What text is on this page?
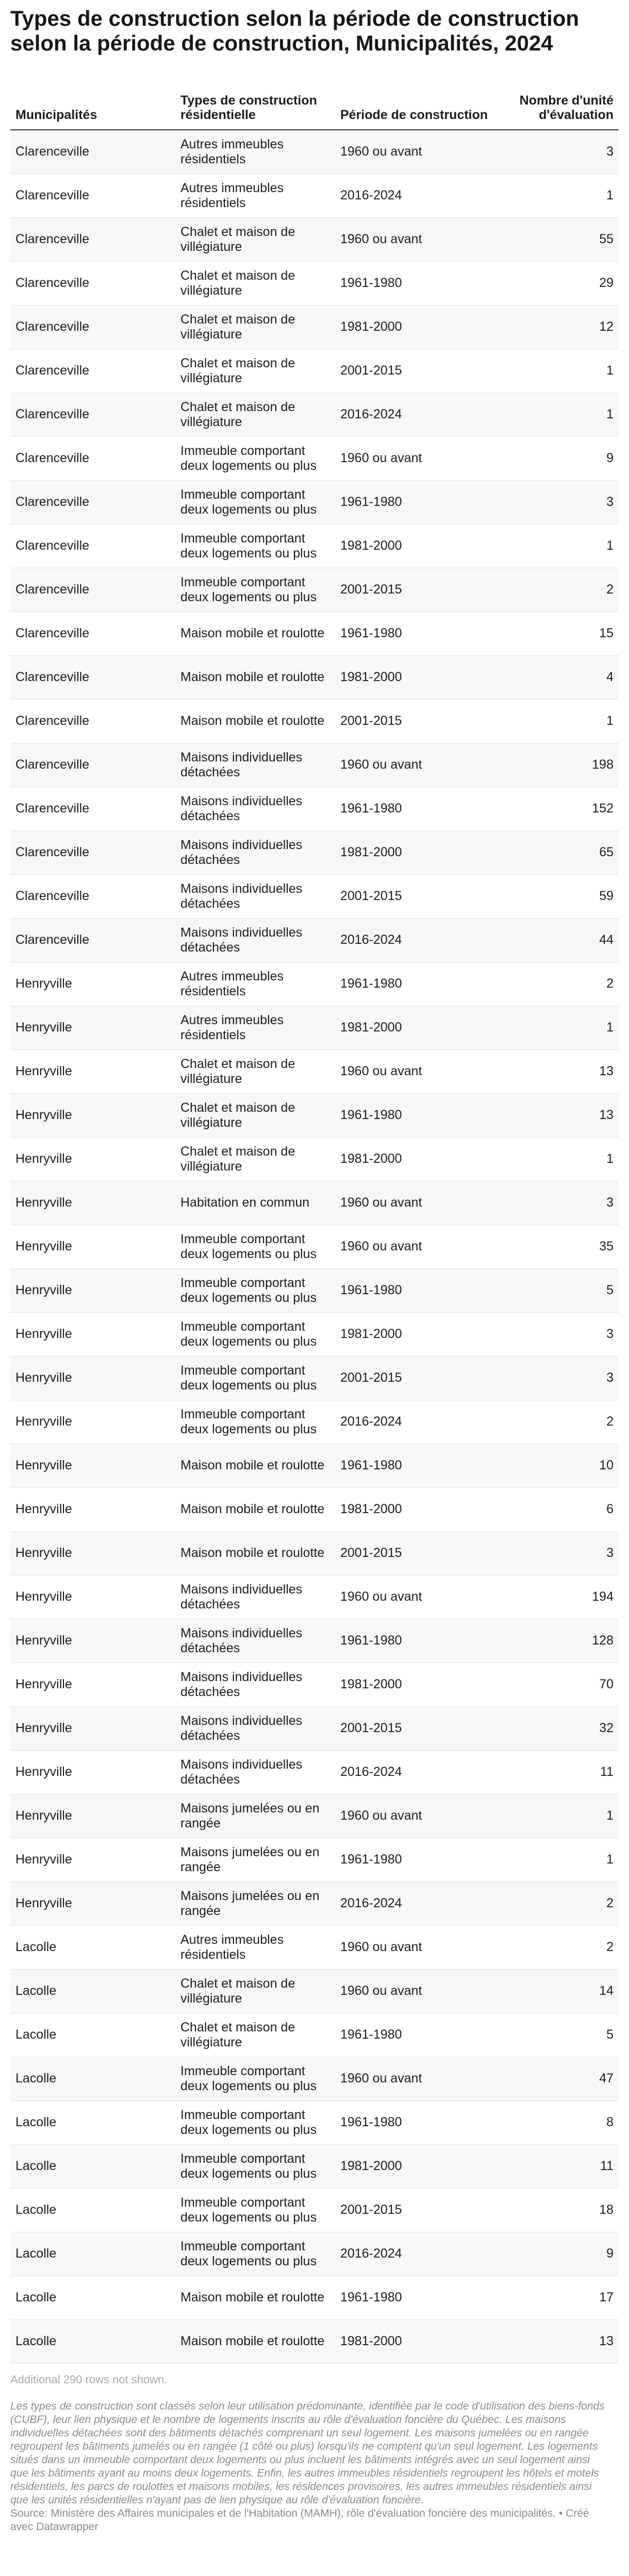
Types de construction selon la période de construction selon la période de construction, Municipalités, 2024
Municipalités	Types de construction résidentielle	Période de construction	Nombre d'unité d'évaluation
Clarenceville	Autres immeubles résidentiels	1960 ou avant	3
Clarenceville	Autres immeubles résidentiels	2016-2024	1
Clarenceville	Chalet et maison de villégiature	1960 ou avant	55
Clarenceville	Chalet et maison de villégiature	1961-1980	29
Clarenceville	Chalet et maison de villégiature	1981-2000	12
Clarenceville	Chalet et maison de villégiature	2001-2015	1
Clarenceville	Chalet et maison de villégiature	2016-2024	1
Clarenceville	Immeuble comportant deux logements ou plus	1960 ou avant	9
Clarenceville	Immeuble comportant deux logements ou plus	1961-1980	3
Clarenceville	Immeuble comportant deux logements ou plus	1981-2000	1
Clarenceville	Immeuble comportant deux logements ou plus	2001-2015	2
Clarenceville	Maison mobile et roulotte	1961-1980	15
Clarenceville	Maison mobile et roulotte	1981-2000	4
Clarenceville	Maison mobile et roulotte	2001-2015	1
Clarenceville	Maisons individuelles détachées	1960 ou avant	198
Clarenceville	Maisons individuelles détachées	1961-1980	152
Clarenceville	Maisons individuelles détachées	1981-2000	65
Clarenceville	Maisons individuelles détachées	2001-2015	59
Clarenceville	Maisons individuelles détachées	2016-2024	44
Henryville	Autres immeubles résidentiels	1961-1980	2
Henryville	Autres immeubles résidentiels	1981-2000	1
Henryville	Chalet et maison de villégiature	1960 ou avant	13
Henryville	Chalet et maison de villégiature	1961-1980	13
Henryville	Chalet et maison de villégiature	1981-2000	1
Henryville	Habitation en commun	1960 ou avant	3
Henryville	Immeuble comportant deux logements ou plus	1960 ou avant	35
Henryville	Immeuble comportant deux logements ou plus	1961-1980	5
Henryville	Immeuble comportant deux logements ou plus	1981-2000	3
Henryville	Immeuble comportant deux logements ou plus	2001-2015	3
Henryville	Immeuble comportant deux logements ou plus	2016-2024	2
Henryville	Maison mobile et roulotte	1961-1980	10
Henryville	Maison mobile et roulotte	1981-2000	6
Henryville	Maison mobile et roulotte	2001-2015	3
Henryville	Maisons individuelles détachées	1960 ou avant	194
Henryville	Maisons individuelles détachées	1961-1980	128
Henryville	Maisons individuelles détachées	1981-2000	70
Henryville	Maisons individuelles détachées	2001-2015	32
Henryville	Maisons individuelles détachées	2016-2024	11
Henryville	Maisons jumelées ou en rangée	1960 ou avant	1
Henryville	Maisons jumelées ou en rangée	1961-1980	1
Henryville	Maisons jumelées ou en rangée	2016-2024	2
Lacolle	Autres immeubles résidentiels	1960 ou avant	2
Lacolle	Chalet et maison de villégiature	1960 ou avant	14
Lacolle	Chalet et maison de villégiature	1961-1980	5
Lacolle	Immeuble comportant deux logements ou plus	1960 ou avant	47
Lacolle	Immeuble comportant deux logements ou plus	1961-1980	8
Lacolle	Immeuble comportant deux logements ou plus	1981-2000	11
Lacolle	Immeuble comportant deux logements ou plus	2001-2015	18
Lacolle	Immeuble comportant deux logements ou plus	2016-2024	9
Lacolle	Maison mobile et roulotte	1961-1980	17
Lacolle	Maison mobile et roulotte	1981-2000	13
Additional 290 rows not shown.
Les types de construction sont classés selon leur utilisation prédominante, identifiée par le code d'utilisation des biens-fonds (CUBF), leur lien physique et le nombre de logements inscrits au rôle d'évaluation foncière du Québec. Les maisons individuelles détachées sont des bâtiments détachés comprenant un seul logement. Les maisons jumelées ou en rangée regroupent les bâtiments jumelés ou en rangée (1 côté ou plus) lorsqu'ils ne comptent qu'un seul logement. Les logements situés dans un immeuble comportant deux logements ou plus incluent les bâtiments intégrés avec un seul logement ainsi que les bâtiments ayant au moins deux logements. Enfin, les autres immeubles résidentiels regroupent les hôtels et motels résidentiels, les parcs de roulottes et maisons mobiles, les résidences provisoires, les autres immeubles résidentiels ainsi que les unités résidentielles n'ayant pas de lien physique au rôle d'évaluation foncière.
Source: Ministère des Affaires municipales et de l'Habitation (MAMH), rôle d'évaluation foncière des municipalités. • Créé avec Datawrapper
